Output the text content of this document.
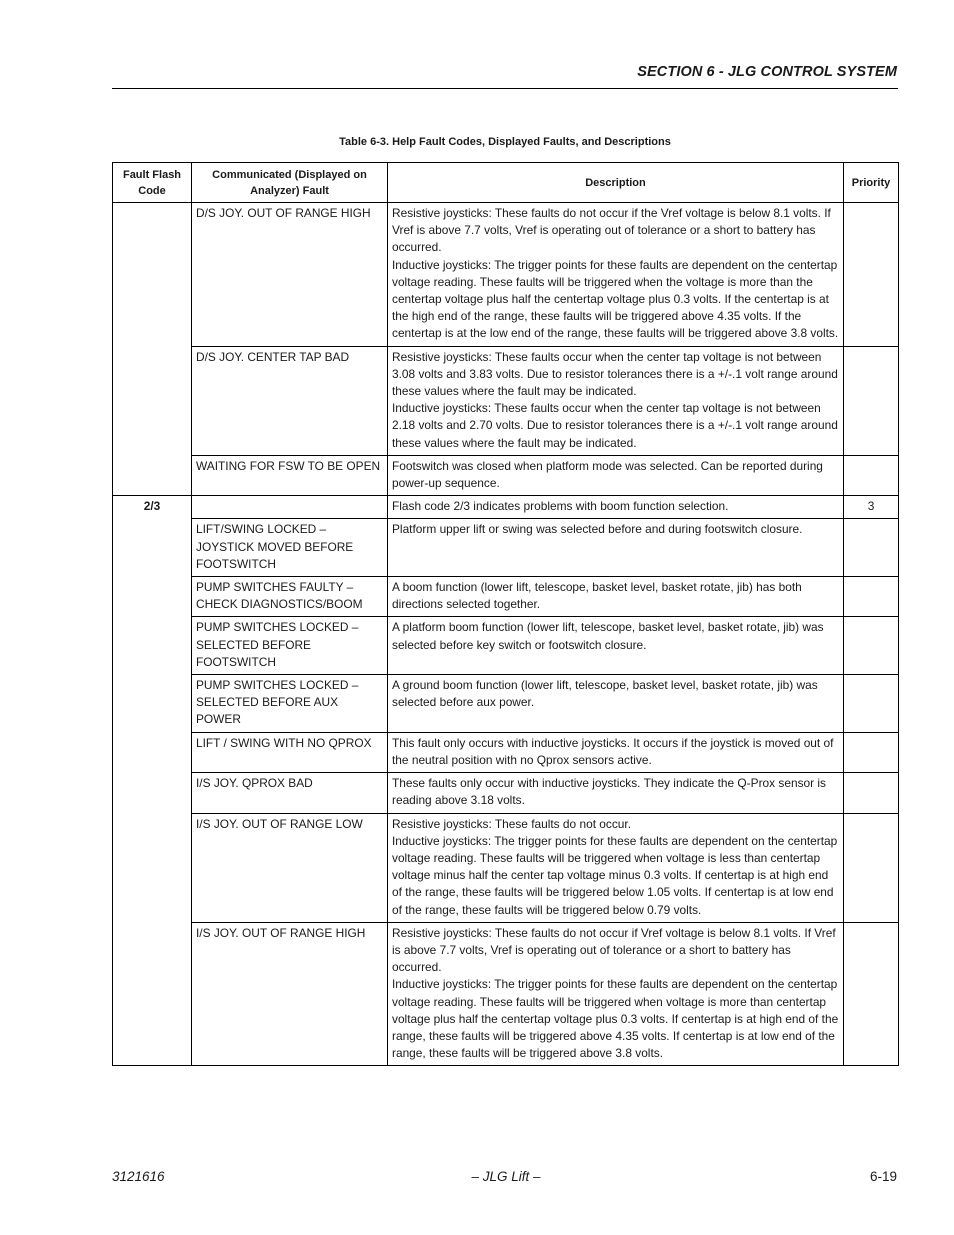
SECTION 6 - JLG CONTROL SYSTEM
Table 6-3. Help Fault Codes, Displayed Faults, and Descriptions
Fault Flash Code	Communicated (Displayed on Analyzer) Fault	Description	Priority
	D/S JOY. OUT OF RANGE HIGH	Resistive joysticks: These faults do not occur if the Vref voltage is below 8.1 volts. If Vref is above 7.7 volts, Vref is operating out of tolerance or a short to battery has occurred.
Inductive joysticks: The trigger points for these faults are dependent on the centertap voltage reading. These faults will be triggered when the voltage is more than the centertap voltage plus half the centertap voltage plus 0.3 volts. If the centertap is at the high end of the range, these faults will be triggered above 4.35 volts. If the centertap is at the low end of the range, these faults will be triggered above 3.8 volts.	

	D/S JOY. CENTER TAP BAD	Resistive joysticks: These faults occur when the center tap voltage is not between 3.08 volts and 3.83 volts. Due to resistor tolerances there is a +/-.1 volt range around these values where the fault may be indicated.
Inductive joysticks: These faults occur when the center tap voltage is not between 2.18 volts and 2.70 volts. Due to resistor tolerances there is a +/-.1 volt range around these values where the fault may be indicated.	

	WAITING FOR FSW TO BE OPEN	Footswitch was closed when platform mode was selected. Can be reported during power-up sequence.	

2/3		Flash code 2/3 indicates problems with boom function selection.	3
	LIFT/SWING LOCKED – JOYSTICK MOVED BEFORE FOOTSWITCH	Platform upper lift or swing was selected before and during footswitch closure.	

	PUMP SWITCHES FAULTY – CHECK DIAGNOSTICS/BOOM	A boom function (lower lift, telescope, basket level, basket rotate, jib) has both directions selected together.	

	PUMP SWITCHES LOCKED – SELECTED BEFORE FOOTSWITCH	A platform boom function (lower lift, telescope, basket level, basket rotate, jib) was selected before key switch or footswitch closure.	

	PUMP SWITCHES LOCKED – SELECTED BEFORE AUX POWER	A ground boom function (lower lift, telescope, basket level, basket rotate, jib) was selected before aux power.	

	LIFT / SWING WITH NO QPROX	This fault only occurs with inductive joysticks. It occurs if the joystick is moved out of the neutral position with no Qprox sensors active.	

	I/S JOY. QPROX BAD	These faults only occur with inductive joysticks. They indicate the Q-Prox sensor is reading above 3.18 volts.	

	I/S JOY. OUT OF RANGE LOW	Resistive joysticks: These faults do not occur.
Inductive joysticks: The trigger points for these faults are dependent on the centertap voltage reading. These faults will be triggered when voltage is less than centertap voltage minus half the center tap voltage minus 0.3 volts. If centertap is at high end of the range, these faults will be triggered below 1.05 volts. If centertap is at low end of the range, these faults will be triggered below 0.79 volts.	

	I/S JOY. OUT OF RANGE HIGH	Resistive joysticks: These faults do not occur if Vref voltage is below 8.1 volts. If Vref is above 7.7 volts, Vref is operating out of tolerance or a short to battery has occurred.
Inductive joysticks: The trigger points for these faults are dependent on the centertap voltage reading. These faults will be triggered when voltage is more than centertap voltage plus half the centertap voltage plus 0.3 volts. If centertap is at high end of the range, these faults will be triggered above 4.35 volts. If centertap is at low end of the range, these faults will be triggered above 3.8 volts.	

3121616	– JLG Lift –	6-19
